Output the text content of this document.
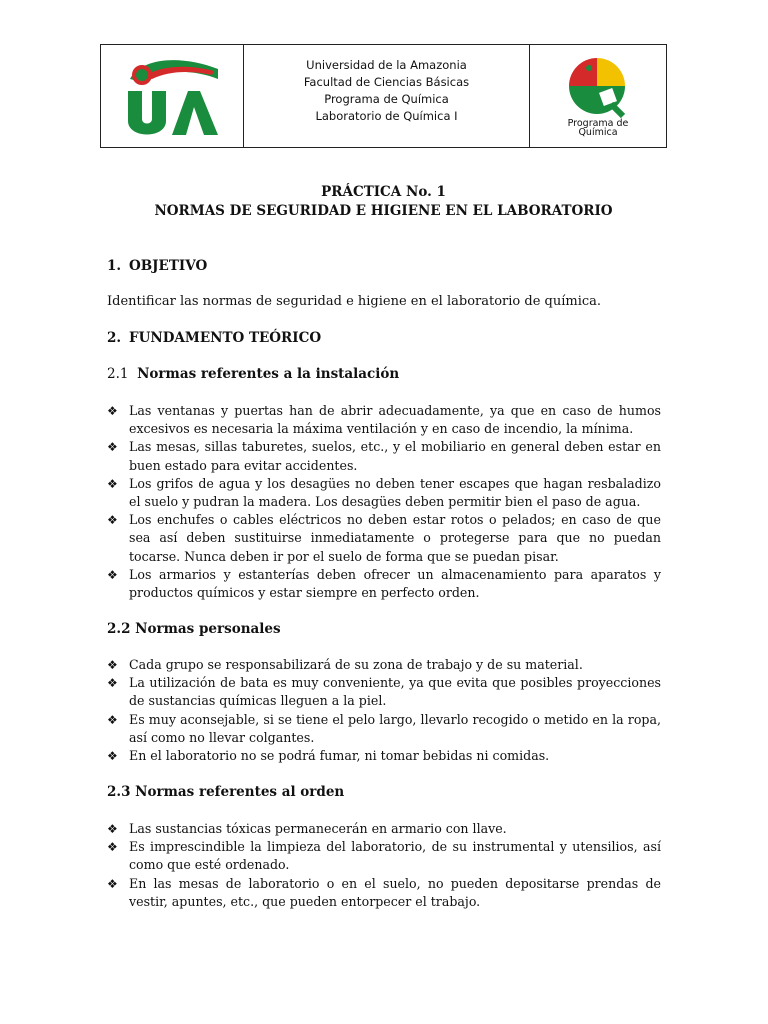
Universidad de la Amazonia
Facultad de Ciencias Básicas
Programa de Química
Laboratorio de Química I
Programa de
Química
PRÁCTICA No. 1
NORMAS DE SEGURIDAD E HIGIENE EN EL LABORATORIO
1. OBJETIVO
Identificar las normas de seguridad e higiene en el laboratorio de química.
2. FUNDAMENTO TEÓRICO
2.1 Normas referentes a la instalación
❖ Las ventanas y puertas han de abrir adecuadamente, ya que en caso de humos excesivos es necesaria la máxima ventilación y en caso de incendio, la mínima.
❖ Las mesas, sillas taburetes, suelos, etc., y el mobiliario en general deben estar en buen estado para evitar accidentes.
❖ Los grifos de agua y los desagües no deben tener escapes que hagan resbaladizo el suelo y pudran la madera. Los desagües deben permitir bien el paso de agua.
❖ Los enchufes o cables eléctricos no deben estar rotos o pelados; en caso de que sea así deben sustituirse inmediatamente o protegerse para que no puedan tocarse. Nunca deben ir por el suelo de forma que se puedan pisar.
❖ Los armarios y estanterías deben ofrecer un almacenamiento para aparatos y productos químicos y estar siempre en perfecto orden.
2.2 Normas personales
❖ Cada grupo se responsabilizará de su zona de trabajo y de su material.
❖ La utilización de bata es muy conveniente, ya que evita que posibles proyecciones de sustancias químicas lleguen a la piel.
❖ Es muy aconsejable, si se tiene el pelo largo, llevarlo recogido o metido en la ropa, así como no llevar colgantes.
❖ En el laboratorio no se podrá fumar, ni tomar bebidas ni comidas.
2.3 Normas referentes al orden
❖ Las sustancias tóxicas permanecerán en armario con llave.
❖ Es imprescindible la limpieza del laboratorio, de su instrumental y utensilios, así como que esté ordenado.
❖ En las mesas de laboratorio o en el suelo, no pueden depositarse prendas de vestir, apuntes, etc., que pueden entorpecer el trabajo.
